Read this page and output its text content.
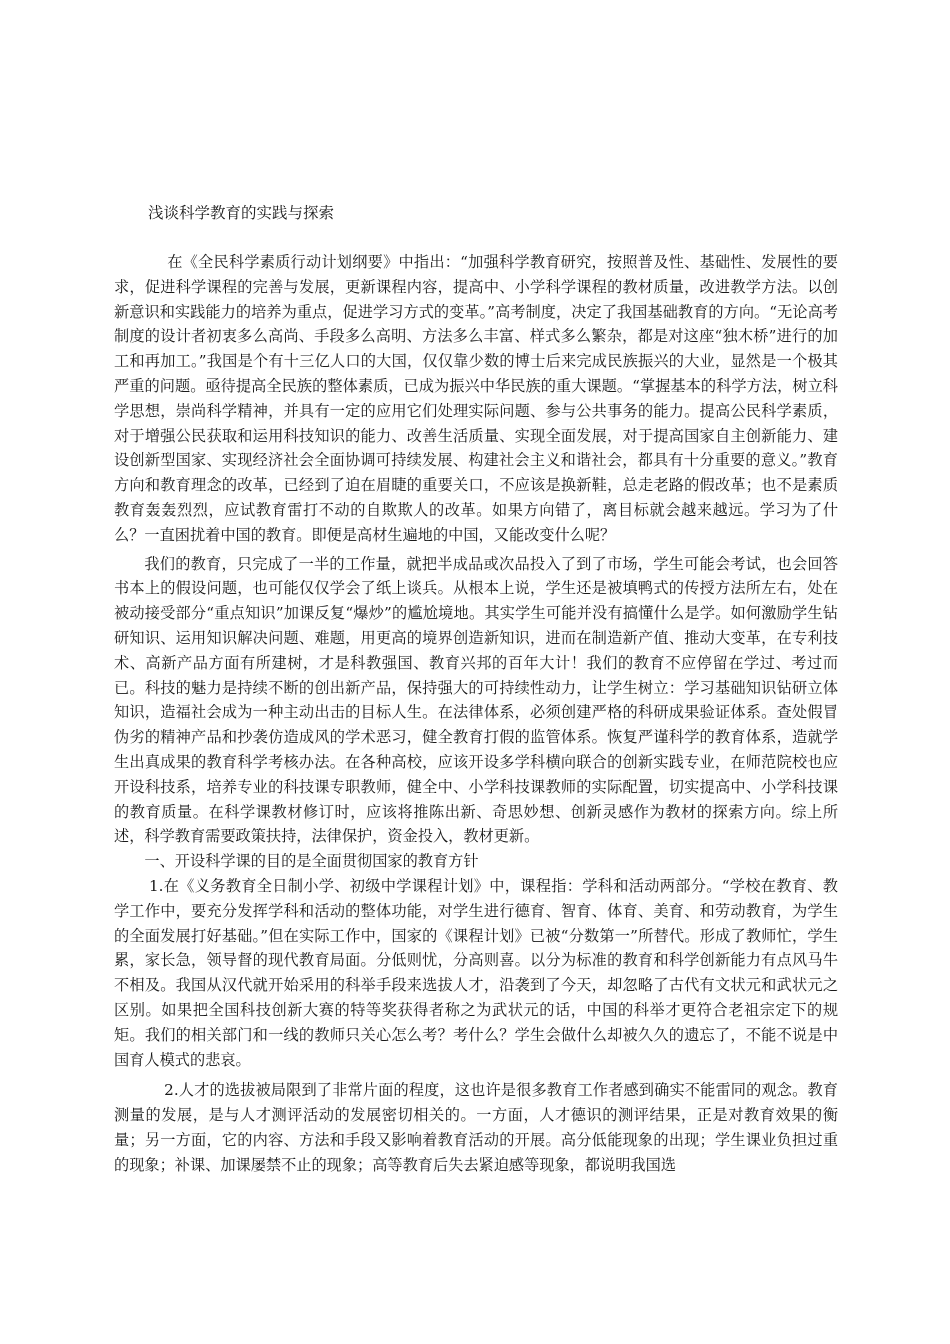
浅谈科学教育的实践与探索

在《全民科学素质行动计划纲要》中指出：“加强科学教育研究，按照普及性、基础性、发展性的要求，促进科学课程的完善与发展，更新课程内容，提高中、小学科学课程的教材质量，改进教学方法。以创新意识和实践能力的培养为重点，促进学习方式的变革。”高考制度，决定了我国基础教育的方向。“无论高考制度的设计者初衷多么高尚、手段多么高明、方法多么丰富、样式多么繁杂，都是对这座“独木桥”进行的加工和再加工。”我国是个有十三亿人口的大国，仅仅靠少数的博士后来完成民族振兴的大业，显然是一个极其严重的问题。亟待提高全民族的整体素质，已成为振兴中华民族的重大课题。“掌握基本的科学方法，树立科学思想，崇尚科学精神，并具有一定的应用它们处理实际问题、参与公共事务的能力。提高公民科学素质，对于增强公民获取和运用科技知识的能力、改善生活质量、实现全面发展，对于提高国家自主创新能力、建设创新型国家、实现经济社会全面协调可持续发展、构建社会主义和谐社会，都具有十分重要的意义。”教育方向和教育理念的改革，已经到了迫在眉睫的重要关口，不应该是换新鞋，总走老路的假改革；也不是素质教育轰轰烈烈，应试教育雷打不动的自欺欺人的改革。如果方向错了，离目标就会越来越远。学习为了什么？一直困扰着中国的教育。即便是高材生遍地的中国，又能改变什么呢？

我们的教育，只完成了一半的工作量，就把半成品或次品投入了到了市场，学生可能会考试，也会回答书本上的假设问题，也可能仅仅学会了纸上谈兵。从根本上说，学生还是被填鸭式的传授方法所左右，处在被动接受部分“重点知识”加课反复“爆炒”的尴尬境地。其实学生可能并没有搞懂什么是学。如何激励学生钻研知识、运用知识解决问题、难题，用更高的境界创造新知识，进而在制造新产值、推动大变革，在专利技术、高新产品方面有所建树，才是科教强国、教育兴邦的百年大计！我们的教育不应停留在学过、考过而已。科技的魅力是持续不断的创出新产品，保持强大的可持续性动力，让学生树立：学习基础知识钻研立体知识，造福社会成为一种主动出击的目标人生。在法律体系，必须创建严格的科研成果验证体系。查处假冒伪劣的精神产品和抄袭仿造成风的学术恶习，健全教育打假的监管体系。恢复严谨科学的教育体系，造就学生出真成果的教育科学考核办法。在各种高校，应该开设多学科横向联合的创新实践专业，在师范院校也应开设科技系，培养专业的科技课专职教师，健全中、小学科技课教师的实际配置，切实提高中、小学科技课的教育质量。在科学课教材修订时，应该将推陈出新、奇思妙想、创新灵感作为教材的探索方向。综上所述，科学教育需要政策扶持，法律保护，资金投入，教材更新。

一、开设科学课的目的是全面贯彻国家的教育方针

1.在《义务教育全日制小学、初级中学课程计划》中，课程指：学科和活动两部分。“学校在教育、教学工作中，要充分发挥学科和活动的整体功能，对学生进行德育、智育、体育、美育、和劳动教育，为学生的全面发展打好基础。”但在实际工作中，国家的《课程计划》已被“分数第一”所替代。形成了教师忙，学生累，家长急，领导督的现代教育局面。分低则忧，分高则喜。以分为标准的教育和科学创新能力有点风马牛不相及。我国从汉代就开始采用的科举手段来选拔人才，沿袭到了今天，却忽略了古代有文状元和武状元之区别。如果把全国科技创新大赛的特等奖获得者称之为武状元的话，中国的科举才更符合老祖宗定下的规矩。我们的相关部门和一线的教师只关心怎么考？考什么？学生会做什么却被久久的遗忘了，不能不说是中国育人模式的悲哀。

2.人才的选拔被局限到了非常片面的程度，这也许是很多教育工作者感到确实不能雷同的观念。教育测量的发展，是与人才测评活动的发展密切相关的。一方面，人才德识的测评结果，正是对教育效果的衡量；另一方面，它的内容、方法和手段又影响着教育活动的开展。高分低能现象的出现；学生课业负担过重的现象；补课、加课屡禁不止的现象；高等教育后失去紧迫感等现象，都说明我国选
